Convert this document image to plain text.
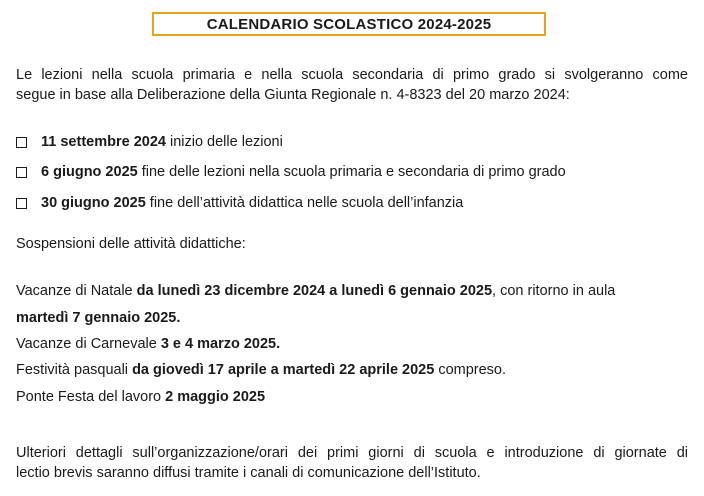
CALENDARIO SCOLASTICO 2024-2025
Le lezioni nella scuola primaria e nella scuola secondaria di primo grado si svolgeranno come
segue in base alla Deliberazione della Giunta Regionale n. 4-8323 del 20 marzo 2024:
11 settembre 2024 inizio delle lezioni
6 giugno 2025 fine delle lezioni nella scuola primaria e secondaria di primo grado
30 giugno 2025 fine dell’attività didattica nelle scuola dell’infanzia
Sospensioni delle attività didattiche:
Vacanze di Natale da lunedì 23 dicembre 2024 a lunedì 6 gennaio 2025, con ritorno in aula
martedì 7 gennaio 2025.
Vacanze di Carnevale 3 e 4 marzo 2025.
Festività pasquali da giovedì 17 aprile a martedì 22 aprile 2025 compreso.
Ponte Festa del lavoro 2 maggio 2025
Ulteriori dettagli sull’organizzazione/orari dei primi giorni di scuola e introduzione di giornate di
lectio brevis saranno diffusi tramite i canali di comunicazione dell’Istituto.
